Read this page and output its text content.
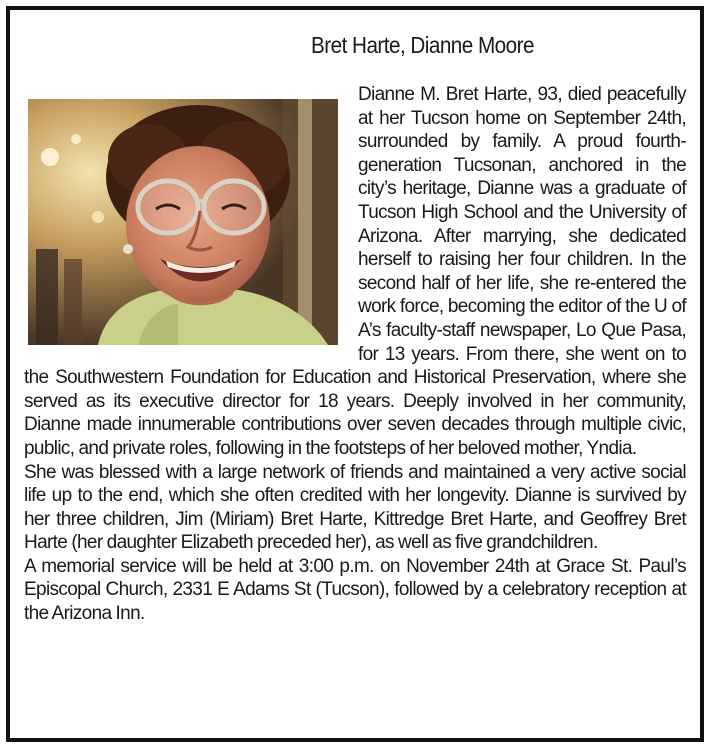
Bret Harte, Dianne Moore

Dianne M. Bret Harte, 93, died peacefully at her Tucson home on September 24th, surrounded by family. A proud fourth-generation Tucsonan, anchored in the city’s heritage, Dianne was a graduate of Tucson High School and the University of Arizona. After marrying, she dedicated herself to raising her four children. In the second half of her life, she re-entered the work force, becoming the editor of the U of A’s faculty-staff newspaper, Lo Que Pasa, for 13 years. From there, she went on to the Southwestern Foundation for Education and Historical Preservation, where she served as its executive director for 18 years. Deeply involved in her community, Dianne made innumerable contributions over seven decades through multiple civic, public, and private roles, following in the footsteps of her beloved mother, Yndia.

She was blessed with a large network of friends and maintained a very active social life up to the end, which she often credited with her longevity. Dianne is survived by her three children, Jim (Miriam) Bret Harte, Kittredge Bret Harte, and Geoffrey Bret Harte (her daughter Elizabeth preceded her), as well as five grandchildren.

A memorial service will be held at 3:00 p.m. on November 24th at Grace St. Paul’s Episcopal Church, 2331 E Adams St (Tucson), followed by a celebratory reception at the Arizona Inn.
